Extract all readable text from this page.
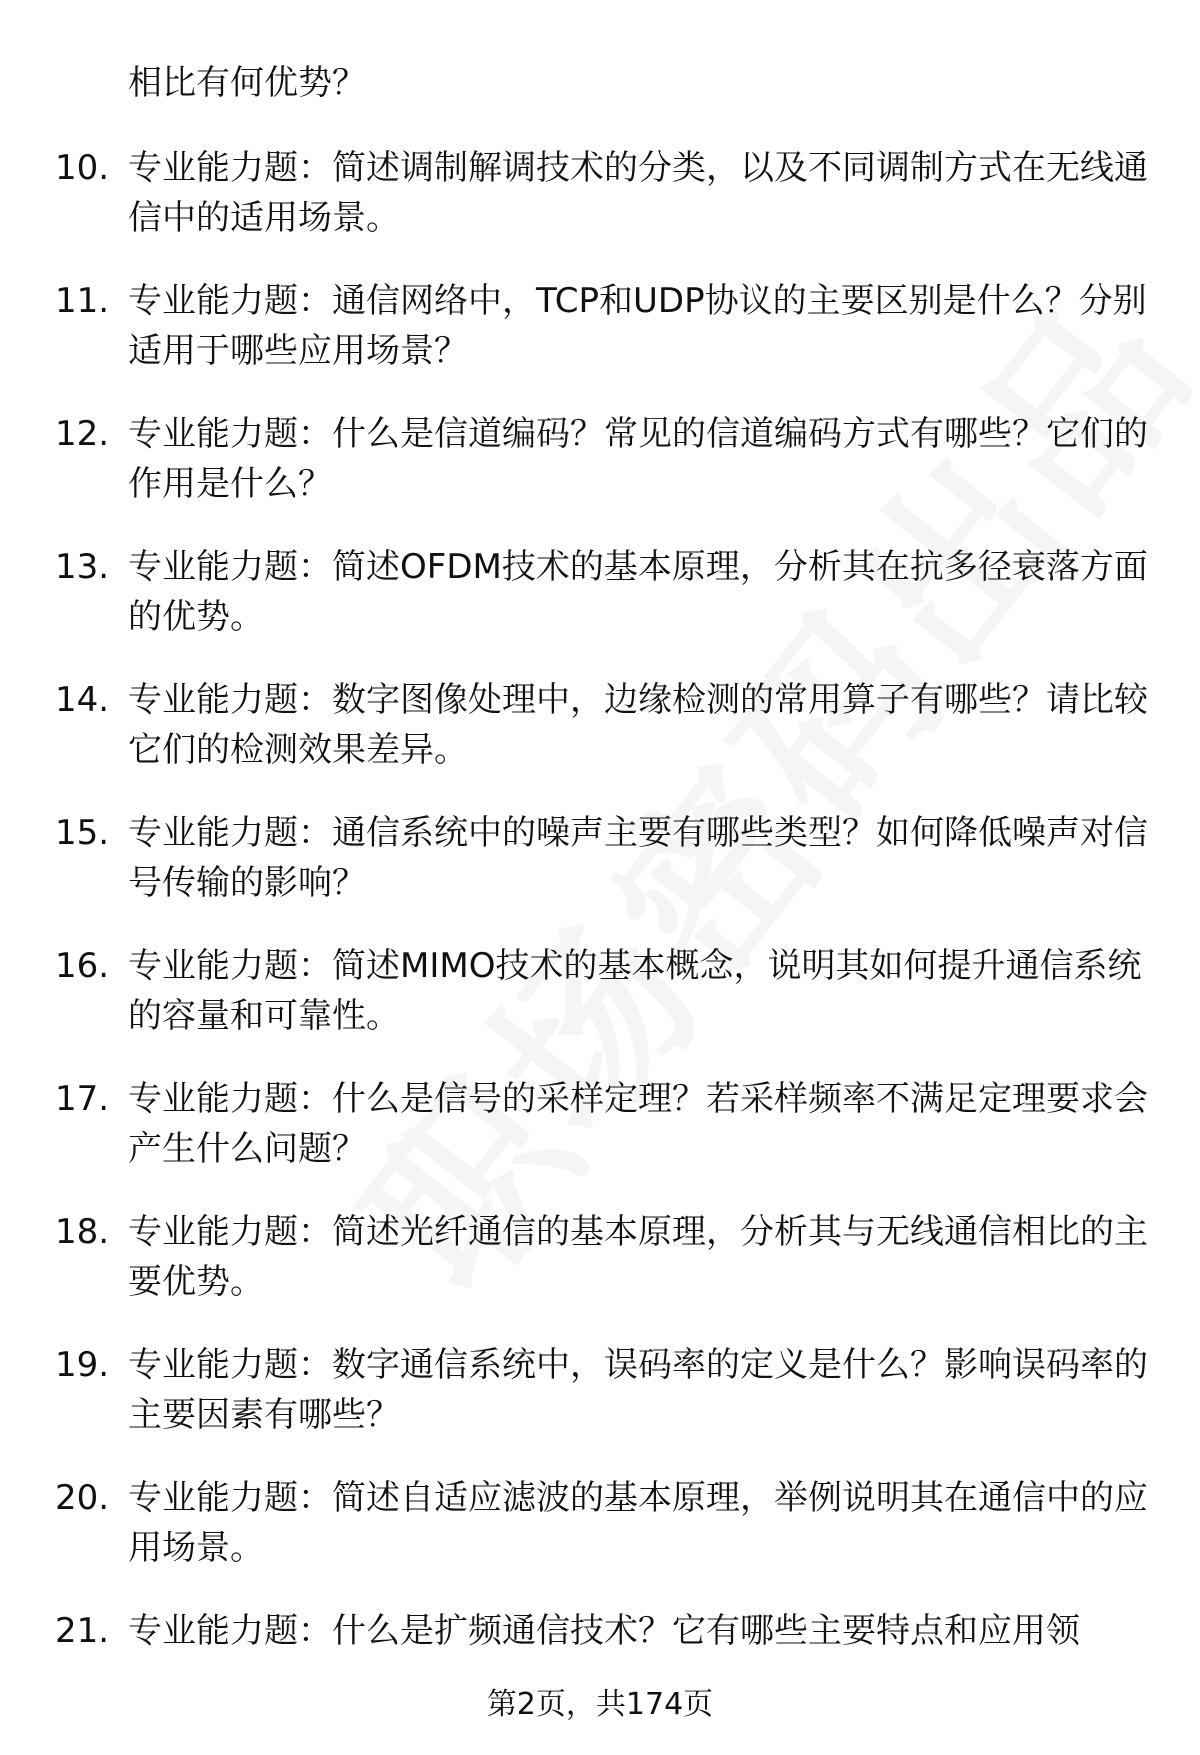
相比有何优势？
10. 专业能力题：简述调制解调技术的分类，以及不同调制方式在无线通信中的适用场景。
11. 专业能力题：通信网络中，TCP和UDP协议的主要区别是什么？分别适用于哪些应用场景？
12. 专业能力题：什么是信道编码？常见的信道编码方式有哪些？它们的作用是什么？
13. 专业能力题：简述OFDM技术的基本原理，分析其在抗多径衰落方面的优势。
14. 专业能力题：数字图像处理中，边缘检测的常用算子有哪些？请比较它们的检测效果差异。
15. 专业能力题：通信系统中的噪声主要有哪些类型？如何降低噪声对信号传输的影响？
16. 专业能力题：简述MIMO技术的基本概念，说明其如何提升通信系统的容量和可靠性。
17. 专业能力题：什么是信号的采样定理？若采样频率不满足定理要求会产生什么问题？
18. 专业能力题：简述光纤通信的基本原理，分析其与无线通信相比的主要优势。
19. 专业能力题：数字通信系统中，误码率的定义是什么？影响误码率的主要因素有哪些？
20. 专业能力题：简述自适应滤波的基本原理，举例说明其在通信中的应用场景。
21. 专业能力题：什么是扩频通信技术？它有哪些主要特点和应用领
第2页，共174页
